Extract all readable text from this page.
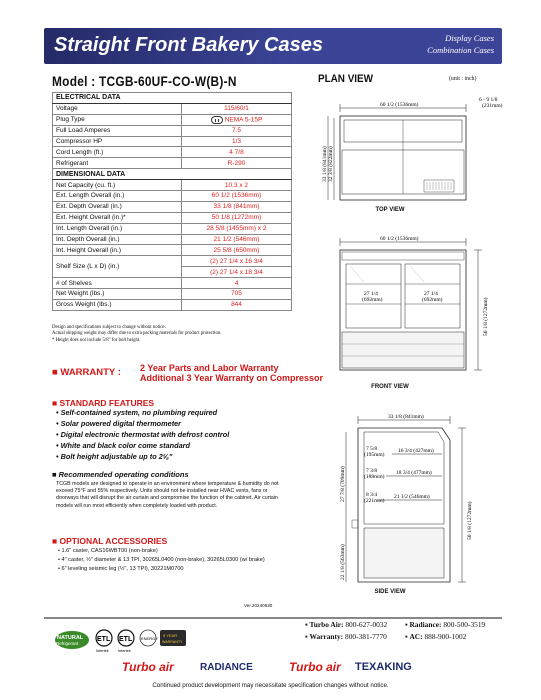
Straight Front Bakery Cases	Display Cases
Combination Cases
Model : TCGB-60UF-CO-W(B)-N
ELECTRICAL DATA	
Voltage	115/60/1
Plug Type	NEMA 5-15P
Full Load Amperes	7.5
Compressor HP	1/3
Cord Length (ft.)	4 7/8
Refrigerant	R-290
DIMENSIONAL DATA	
Net Capacity (cu. ft.)	10.3 x 2
Ext. Length Overall (in.)	60 1/2 (1536mm)
Ext. Depth Overall (in.)	33 1/8 (841mm)
Ext. Height Overall (in.)*	50 1/8 (1272mm)
Int. Length Overall (in.)	28 5/8 (1455mm) x 2
Int. Depth Overall (in.)	21 1/2 (546mm)
Int. Height Overall (in.)	25 5/8 (650mm)
Shelf Size (L x D) (in.)	(2) 27 1/4 x 16 3/4
	(2) 27 1/4 x 18 3/4
# of Shelves	4
Net Weight (lbs.)	705
Gross Weight (lbs.)	844
Design and specifications subject to change without notice.
Actual shipping weight may differ due to extra packing materials for product protection.
* Height does not include 5/8" for bolt height.
■ WARRANTY : 2 Year Parts and Labor Warranty
Additional 3 Year Warranty on Compressor
■ STANDARD FEATURES
• Self-contained system, no plumbing required
• Solar powered digital thermometer
• Digital electronic thermostat with defrost control
• White and black color come standard
• Bolt height adjustable up to 2⅝"
■ Recommended operating conditions
TCGB models are designed to operate in an environment where temperature & humidity do not exceed 75°F and 55% respectively. Units should not be installed near HVAC vents, fans or doorways that will disrupt the air curtain and compromise the function of the cabinet. Air curtain models will run most efficiently when completely loaded with product.
■ OPTIONAL ACCESSORIES
• 1.6" caster, CAS16WBT00 (non-brake)
• 4" caster, ½" diameter & 13 TPI, 30265L0400 (non-brake), 30265L0300 (w/ brake)
• 6" leveling seismic leg (½", 13 TPI), 30221M0700
Ver.20240530
PLAN VIEW	(unit : inch)
60 1/2 (1536mm)
6 - 9 1/8
(231mm)
33 1/8 (841mm) 32 3/8 (822mm)
TOP VIEW
60 1/2 (1536mm)
27 1/4
(692mm)
27 1/4
(692mm)	50 1/8 (1272mm)
FRONT VIEW
33 1/8 (841mm)
16 3/4 (427mm)
18 3/4 (477mm)
21 1/2 (546mm)
7 5/8
(195mm)
7 3/8
(188mm)
8 3/4
(221mm)
27 7/8 (709mm)
22 1/8 (563mm)
50 1/8 (1272mm)
SIDE VIEW
NATURAL
Refrigerant
ETL
Intertek
ETL
Intertek
ENERGY
5 YEAR
WARRANTY
▪ Turbo Air: 800-627-0032 ▪ Radiance: 800-500-3519
▪ Warranty: 800-381-7770 ▪ AC: 888-900-1002
Turbo air	RADIANCE	Turbo air TEXAKING
Continued product development may necessitate specification changes without notice.
